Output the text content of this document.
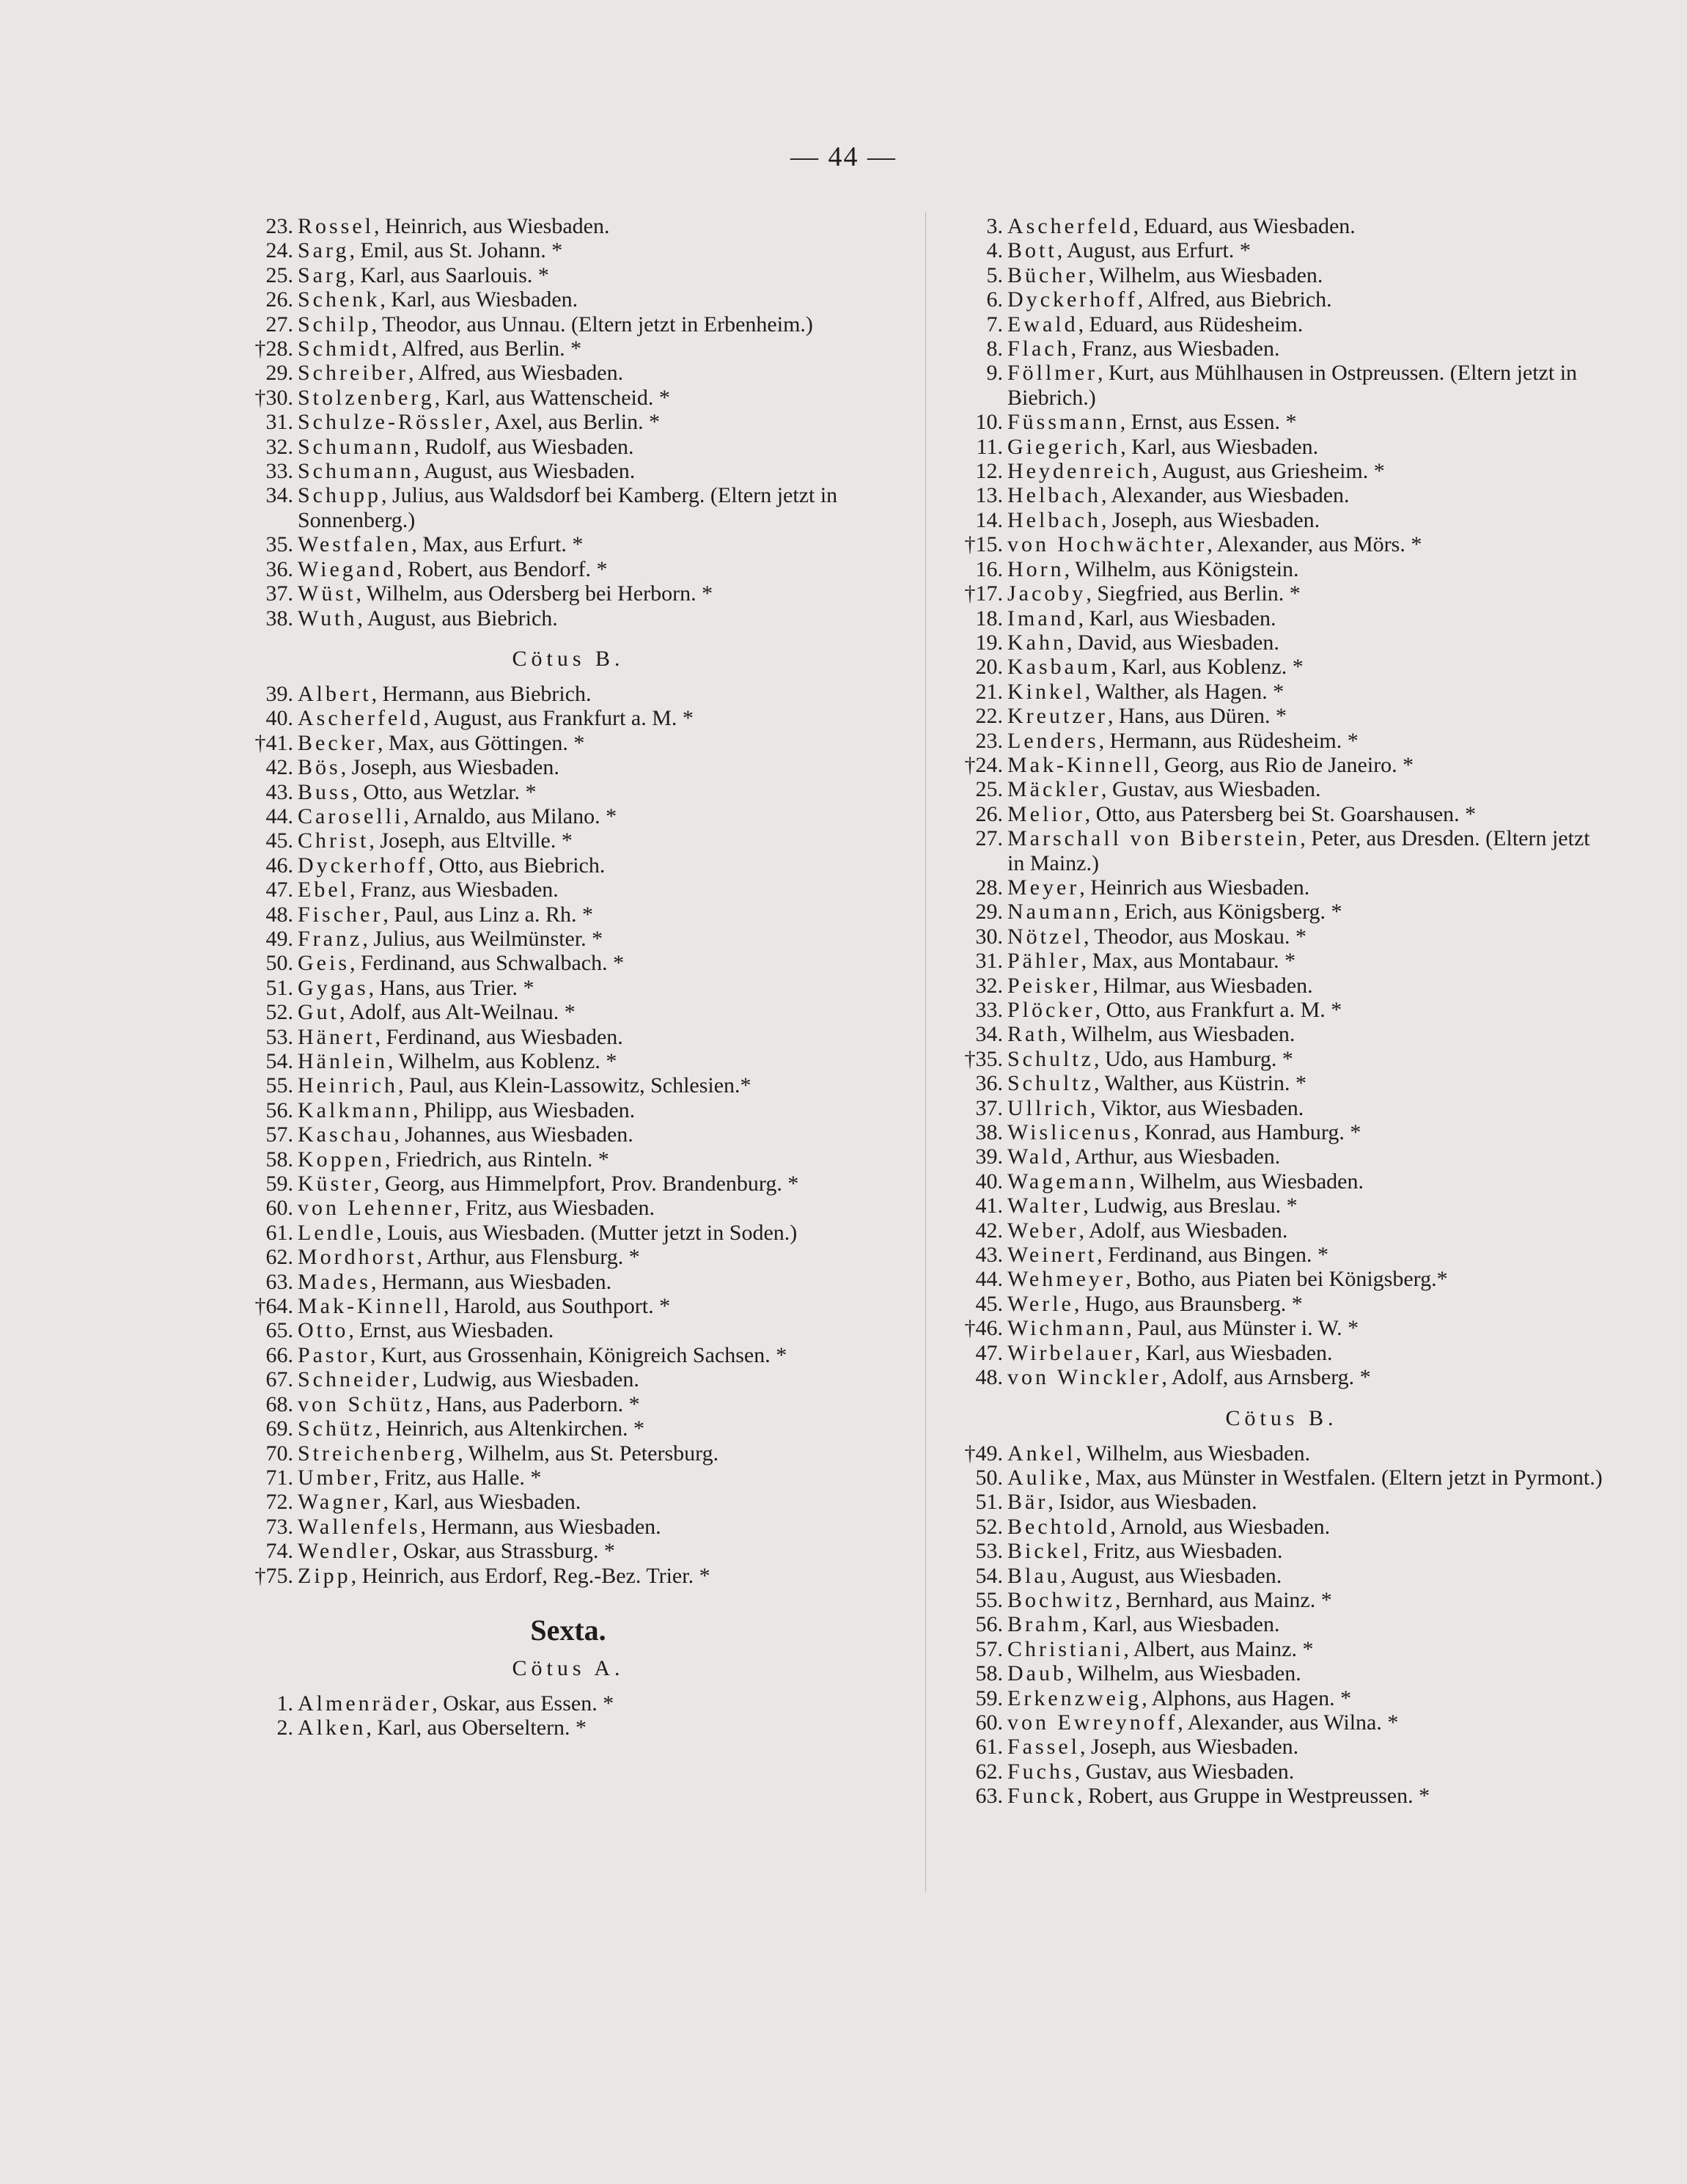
— 44 —
23. Rossel, Heinrich, aus Wiesbaden.
24. Sarg, Emil, aus St. Johann. *
25. Sarg, Karl, aus Saarlouis. *
26. Schenk, Karl, aus Wiesbaden.
27. Schilp, Theodor, aus Unnau. (Eltern jetzt in Erbenheim.)
†28. Schmidt, Alfred, aus Berlin. *
29. Schreiber, Alfred, aus Wiesbaden.
†30. Stolzenberg, Karl, aus Wattenscheid. *
31. Schulze-Rössler, Axel, aus Berlin. *
32. Schumann, Rudolf, aus Wiesbaden.
33. Schumann, August, aus Wiesbaden.
34. Schupp, Julius, aus Waldsdorf bei Kamberg. (Eltern jetzt in Sonnenberg.)
35. Westfalen, Max, aus Erfurt. *
36. Wiegand, Robert, aus Bendorf. *
37. Wüst, Wilhelm, aus Odersberg bei Herborn. *
38. Wuth, August, aus Biebrich.
Cötus B.
39. Albert, Hermann, aus Biebrich.
40. Ascherfeld, August, aus Frankfurt a. M. *
†41. Becker, Max, aus Göttingen. *
42. Bös, Joseph, aus Wiesbaden.
43. Buss, Otto, aus Wetzlar. *
44. Caroselli, Arnaldo, aus Milano. *
45. Christ, Joseph, aus Eltville. *
46. Dyckerhoff, Otto, aus Biebrich.
47. Ebel, Franz, aus Wiesbaden.
48. Fischer, Paul, aus Linz a. Rh. *
49. Franz, Julius, aus Weilmünster. *
50. Geis, Ferdinand, aus Schwalbach. *
51. Gygas, Hans, aus Trier. *
52. Gut, Adolf, aus Alt-Weilnau. *
53. Hänert, Ferdinand, aus Wiesbaden.
54. Hänlein, Wilhelm, aus Koblenz. *
55. Heinrich, Paul, aus Klein-Lassowitz, Schlesien.*
56. Kalkmann, Philipp, aus Wiesbaden.
57. Kaschau, Johannes, aus Wiesbaden.
58. Koppen, Friedrich, aus Rinteln. *
59. Küster, Georg, aus Himmelpfort, Prov. Brandenburg. *
60. von Lehenner, Fritz, aus Wiesbaden.
61. Lendle, Louis, aus Wiesbaden. (Mutter jetzt in Soden.)
62. Mordhorst, Arthur, aus Flensburg. *
63. Mades, Hermann, aus Wiesbaden.
†64. Mak-Kinnell, Harold, aus Southport. *
65. Otto, Ernst, aus Wiesbaden.
66. Pastor, Kurt, aus Grossenhain, Königreich Sachsen. *
67. Schneider, Ludwig, aus Wiesbaden.
68. von Schütz, Hans, aus Paderborn. *
69. Schütz, Heinrich, aus Altenkirchen. *
70. Streichenberg, Wilhelm, aus St. Petersburg.
71. Umber, Fritz, aus Halle. *
72. Wagner, Karl, aus Wiesbaden.
73. Wallenfels, Hermann, aus Wiesbaden.
74. Wendler, Oskar, aus Strassburg. *
†75. Zipp, Heinrich, aus Erdorf, Reg.-Bez. Trier. *
Sexta.
Cötus A.
1. Almenräder, Oskar, aus Essen. *
2. Alken, Karl, aus Oberseltern. *
3. Ascherfeld, Eduard, aus Wiesbaden.
4. Bott, August, aus Erfurt. *
5. Bücher, Wilhelm, aus Wiesbaden.
6. Dyckerhoff, Alfred, aus Biebrich.
7. Ewald, Eduard, aus Rüdesheim.
8. Flach, Franz, aus Wiesbaden.
9. Föllmer, Kurt, aus Mühlhausen in Ostpreussen. (Eltern jetzt in Biebrich.)
10. Füssmann, Ernst, aus Essen. *
11. Giegerich, Karl, aus Wiesbaden.
12. Heydenreich, August, aus Griesheim. *
13. Helbach, Alexander, aus Wiesbaden.
14. Helbach, Joseph, aus Wiesbaden.
†15. von Hochwächter, Alexander, aus Mörs. *
16. Horn, Wilhelm, aus Königstein.
†17. Jacoby, Siegfried, aus Berlin. *
18. Imand, Karl, aus Wiesbaden.
19. Kahn, David, aus Wiesbaden.
20. Kasbaum, Karl, aus Koblenz. *
21. Kinkel, Walther, als Hagen. *
22. Kreutzer, Hans, aus Düren. *
23. Lenders, Hermann, aus Rüdesheim. *
†24. Mak-Kinnell, Georg, aus Rio de Janeiro. *
25. Mäckler, Gustav, aus Wiesbaden.
26. Melior, Otto, aus Patersberg bei St. Goarshausen. *
27. Marschall von Biberstein, Peter, aus Dresden. (Eltern jetzt in Mainz.)
28. Meyer, Heinrich aus Wiesbaden.
29. Naumann, Erich, aus Königsberg. *
30. Nötzel, Theodor, aus Moskau. *
31. Pähler, Max, aus Montabaur. *
32. Peisker, Hilmar, aus Wiesbaden.
33. Plöcker, Otto, aus Frankfurt a. M. *
34. Rath, Wilhelm, aus Wiesbaden.
†35. Schultz, Udo, aus Hamburg. *
36. Schultz, Walther, aus Küstrin. *
37. Ullrich, Viktor, aus Wiesbaden.
38. Wislicenus, Konrad, aus Hamburg. *
39. Wald, Arthur, aus Wiesbaden.
40. Wagemann, Wilhelm, aus Wiesbaden.
41. Walter, Ludwig, aus Breslau. *
42. Weber, Adolf, aus Wiesbaden.
43. Weinert, Ferdinand, aus Bingen. *
44. Wehmeyer, Botho, aus Piaten bei Königsberg.*
45. Werle, Hugo, aus Braunsberg. *
†46. Wichmann, Paul, aus Münster i. W. *
47. Wirbelauer, Karl, aus Wiesbaden.
48. von Winckler, Adolf, aus Arnsberg. *
Cötus B.
†49. Ankel, Wilhelm, aus Wiesbaden.
50. Aulike, Max, aus Münster in Westfalen. (Eltern jetzt in Pyrmont.)
51. Bär, Isidor, aus Wiesbaden.
52. Bechtold, Arnold, aus Wiesbaden.
53. Bickel, Fritz, aus Wiesbaden.
54. Blau, August, aus Wiesbaden.
55. Bochwitz, Bernhard, aus Mainz. *
56. Brahm, Karl, aus Wiesbaden.
57. Christiani, Albert, aus Mainz. *
58. Daub, Wilhelm, aus Wiesbaden.
59. Erkenzweig, Alphons, aus Hagen. *
60. von Ewreynoff, Alexander, aus Wilna. *
61. Fassel, Joseph, aus Wiesbaden.
62. Fuchs, Gustav, aus Wiesbaden.
63. Funck, Robert, aus Gruppe in Westpreussen. *
